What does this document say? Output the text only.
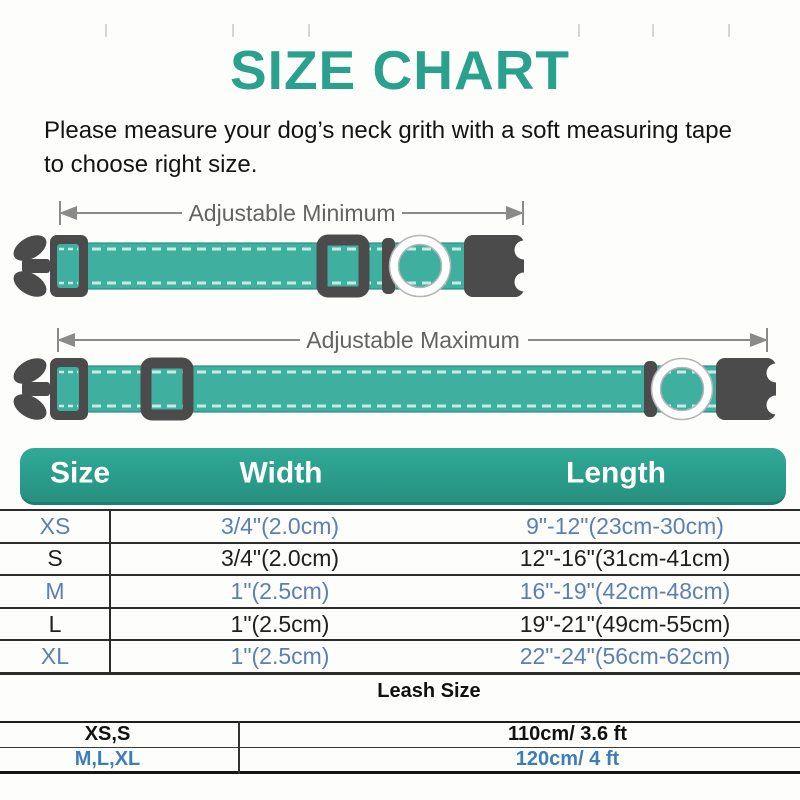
SIZE CHART
Please measure your dog’s neck grith with a soft measuring tape
to choose right size.
Adjustable Minimum
Adjustable Maximum
Size	Width	Length
XS	3/4"(2.0cm)	9"-12"(23cm-30cm)
S	3/4"(2.0cm)	12"-16"(31cm-41cm)
M	1"(2.5cm)	16"-19"(42cm-48cm)
L	1"(2.5cm)	19"-21"(49cm-55cm)
XL	1"(2.5cm)	22"-24"(56cm-62cm)
Leash Size
XS,S	110cm/ 3.6 ft
M,L,XL	120cm/ 4 ft
